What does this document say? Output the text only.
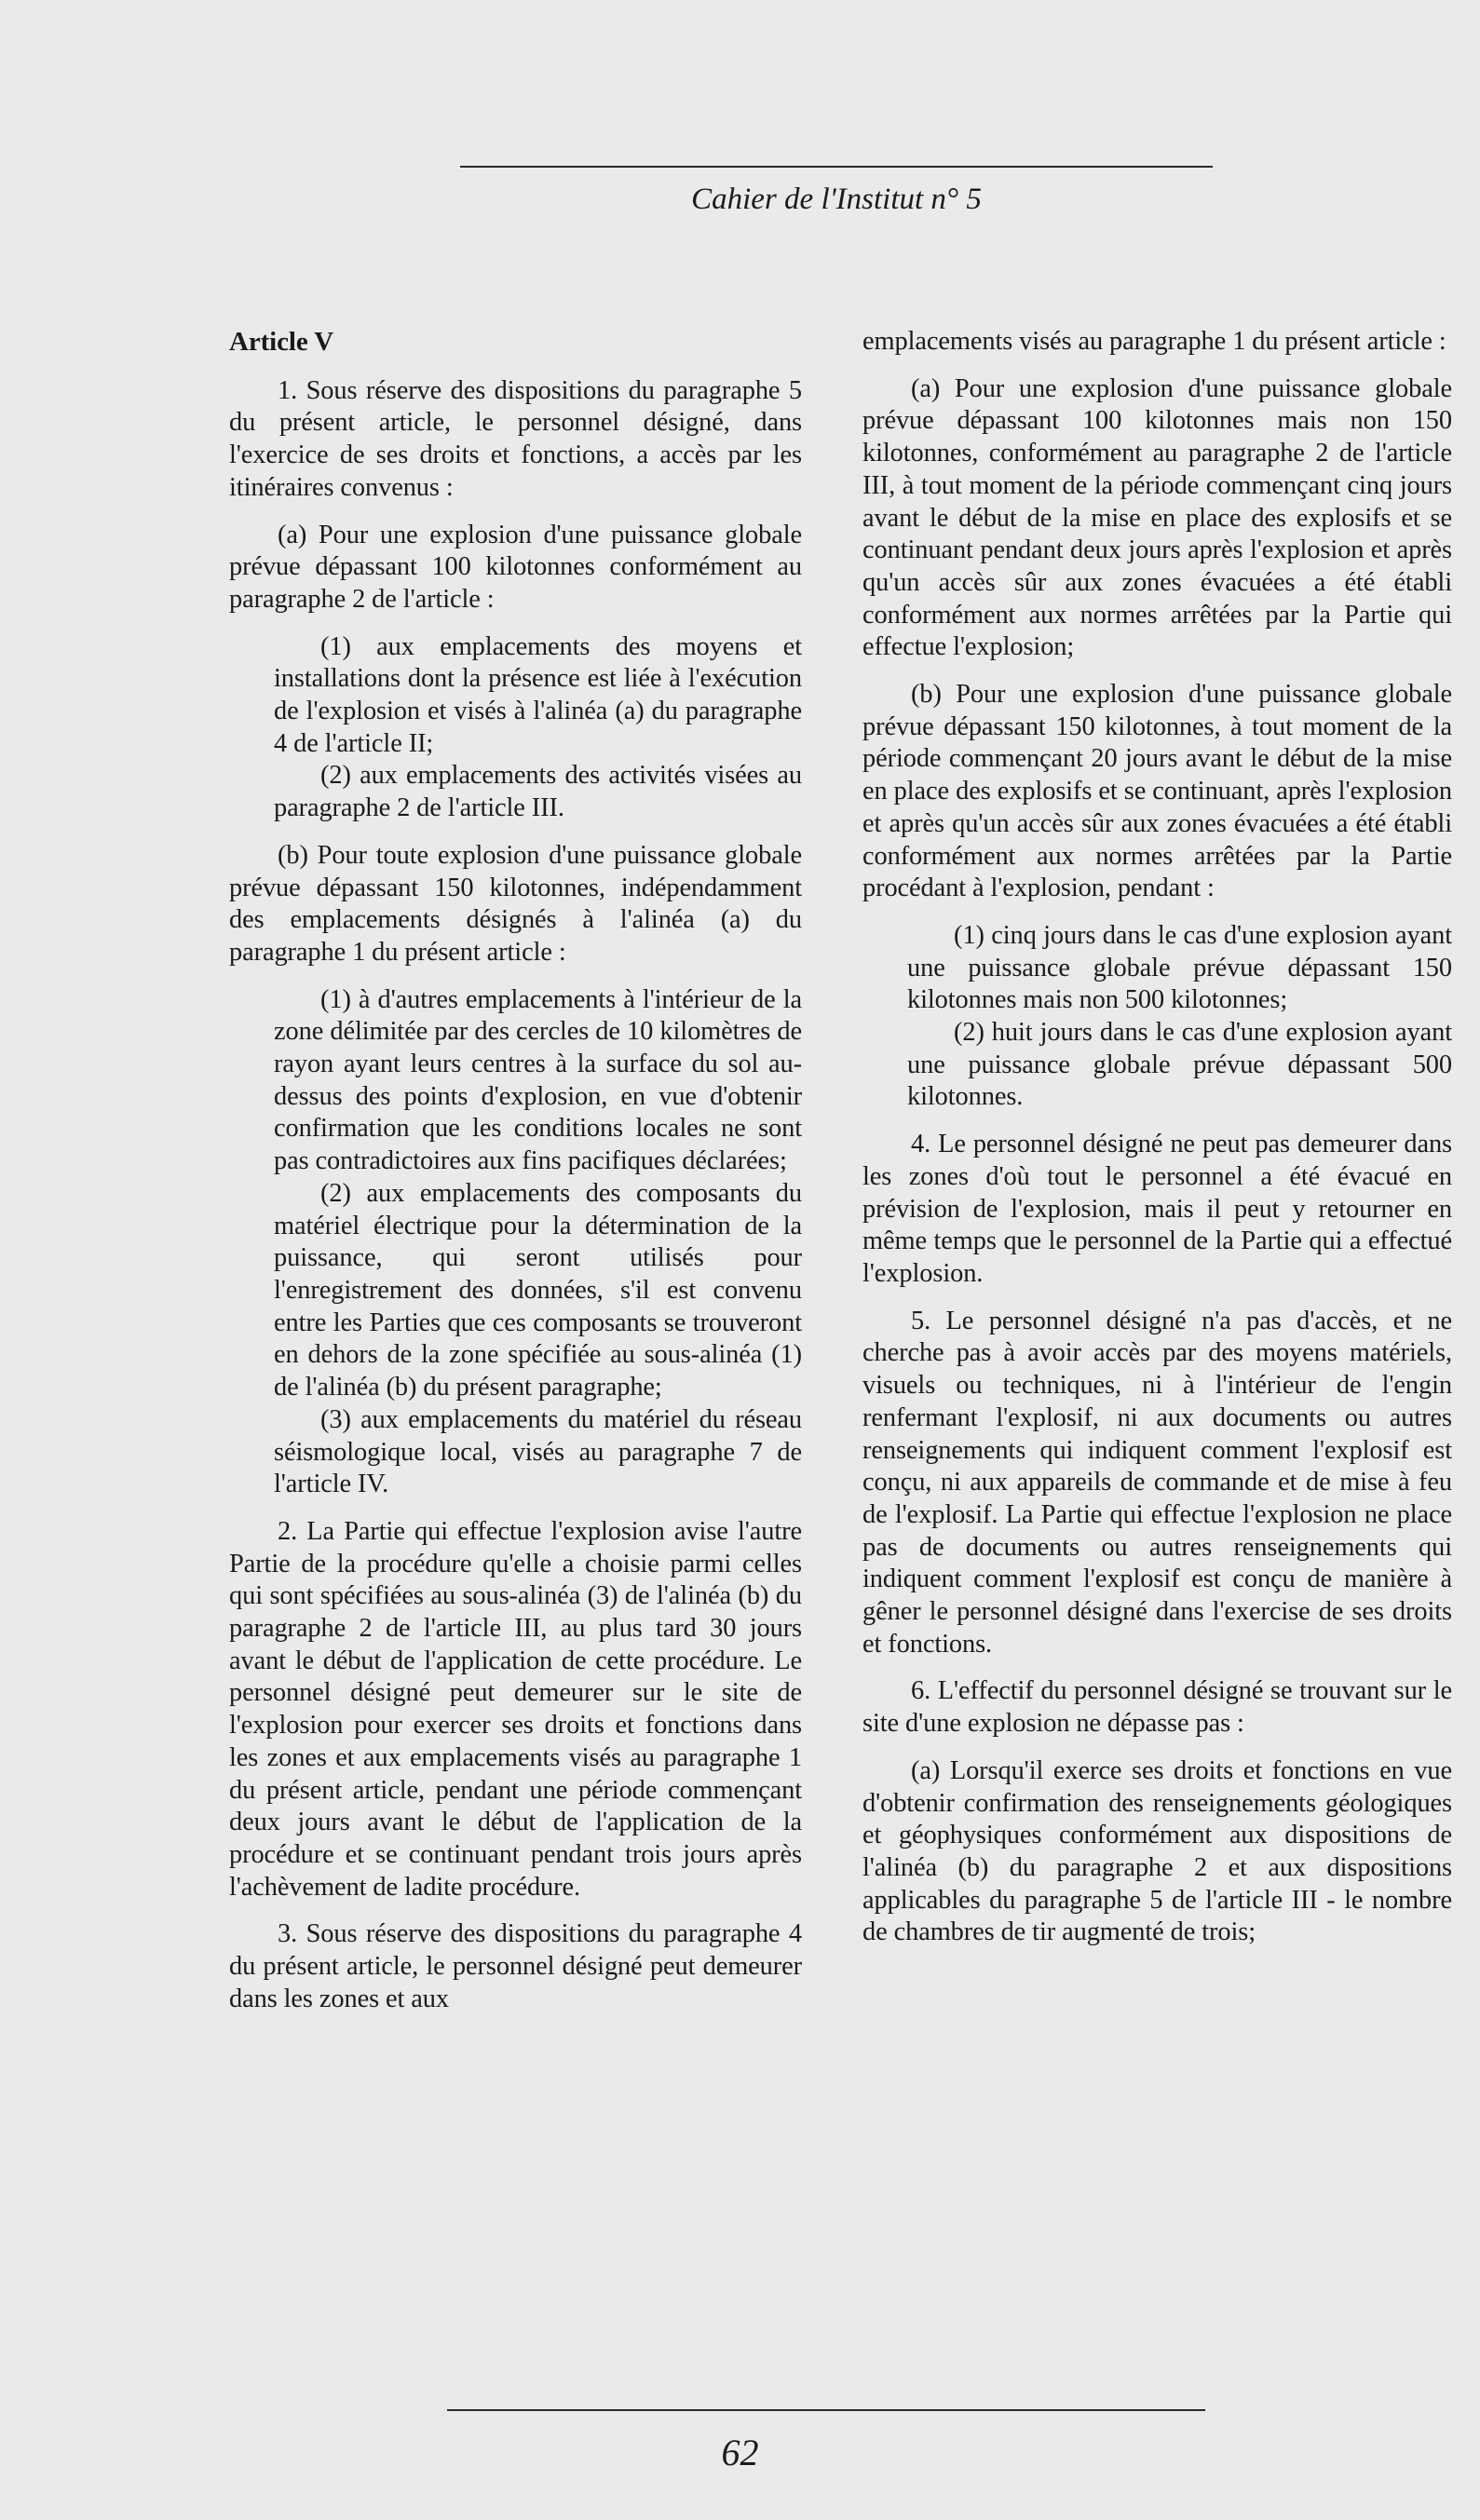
Cahier de l'Institut n° 5

Article V

1. Sous réserve des dispositions du paragraphe 5 du présent article, le personnel désigné, dans l'exercice de ses droits et fonctions, a accès par les itinéraires convenus :

(a) Pour une explosion d'une puissance globale prévue dépassant 100 kilotonnes conformément au paragraphe 2 de l'article :

(1) aux emplacements des moyens et installations dont la présence est liée à l'exécution de l'explosion et visés à l'alinéa (a) du paragraphe 4 de l'article II;

(2) aux emplacements des activités visées au paragraphe 2 de l'article III.

(b) Pour toute explosion d'une puissance globale prévue dépassant 150 kilotonnes, indépendamment des emplacements désignés à l'alinéa (a) du paragraphe 1 du présent article :

(1) à d'autres emplacements à l'intérieur de la zone délimitée par des cercles de 10 kilomètres de rayon ayant leurs centres à la surface du sol au-dessus des points d'explosion, en vue d'obtenir confirmation que les conditions locales ne sont pas contradictoires aux fins pacifiques déclarées;

(2) aux emplacements des composants du matériel électrique pour la détermination de la puissance, qui seront utilisés pour l'enregistrement des données, s'il est convenu entre les Parties que ces composants se trouveront en dehors de la zone spécifiée au sous-alinéa (1) de l'alinéa (b) du présent paragraphe;

(3) aux emplacements du matériel du réseau séismologique local, visés au paragraphe 7 de l'article IV.

2. La Partie qui effectue l'explosion avise l'autre Partie de la procédure qu'elle a choisie parmi celles qui sont spécifiées au sous-alinéa (3) de l'alinéa (b) du paragraphe 2 de l'article III, au plus tard 30 jours avant le début de l'application de cette procédure. Le personnel désigné peut demeurer sur le site de l'explosion pour exercer ses droits et fonctions dans les zones et aux emplacements visés au paragraphe 1 du présent article, pendant une période commençant deux jours avant le début de l'application de la procédure et se continuant pendant trois jours après l'achèvement de ladite procédure.

3. Sous réserve des dispositions du paragraphe 4 du présent article, le personnel désigné peut demeurer dans les zones et aux

emplacements visés au paragraphe 1 du présent article :

(a) Pour une explosion d'une puissance globale prévue dépassant 100 kilotonnes mais non 150 kilotonnes, conformément au paragraphe 2 de l'article III, à tout moment de la période commençant cinq jours avant le début de la mise en place des explosifs et se continuant pendant deux jours après l'explosion et après qu'un accès sûr aux zones évacuées a été établi conformément aux normes arrêtées par la Partie qui effectue l'explosion;

(b) Pour une explosion d'une puissance globale prévue dépassant 150 kilotonnes, à tout moment de la période commençant 20 jours avant le début de la mise en place des explosifs et se continuant, après l'explosion et après qu'un accès sûr aux zones évacuées a été établi conformément aux normes arrêtées par la Partie procédant à l'explosion, pendant :

(1) cinq jours dans le cas d'une explosion ayant une puissance globale prévue dépassant 150 kilotonnes mais non 500 kilotonnes;

(2) huit jours dans le cas d'une explosion ayant une puissance globale prévue dépassant 500 kilotonnes.

4. Le personnel désigné ne peut pas demeurer dans les zones d'où tout le personnel a été évacué en prévision de l'explosion, mais il peut y retourner en même temps que le personnel de la Partie qui a effectué l'explosion.

5. Le personnel désigné n'a pas d'accès, et ne cherche pas à avoir accès par des moyens matériels, visuels ou techniques, ni à l'intérieur de l'engin renfermant l'explosif, ni aux documents ou autres renseignements qui indiquent comment l'explosif est conçu, ni aux appareils de commande et de mise à feu de l'explosif. La Partie qui effectue l'explosion ne place pas de documents ou autres renseignements qui indiquent comment l'explosif est conçu de manière à gêner le personnel désigné dans l'exercise de ses droits et fonctions.

6. L'effectif du personnel désigné se trouvant sur le site d'une explosion ne dépasse pas :

(a) Lorsqu'il exerce ses droits et fonctions en vue d'obtenir confirmation des renseignements géologiques et géophysiques conformément aux dispositions de l'alinéa (b) du paragraphe 2 et aux dispositions applicables du paragraphe 5 de l'article III - le nombre de chambres de tir augmenté de trois;

62
